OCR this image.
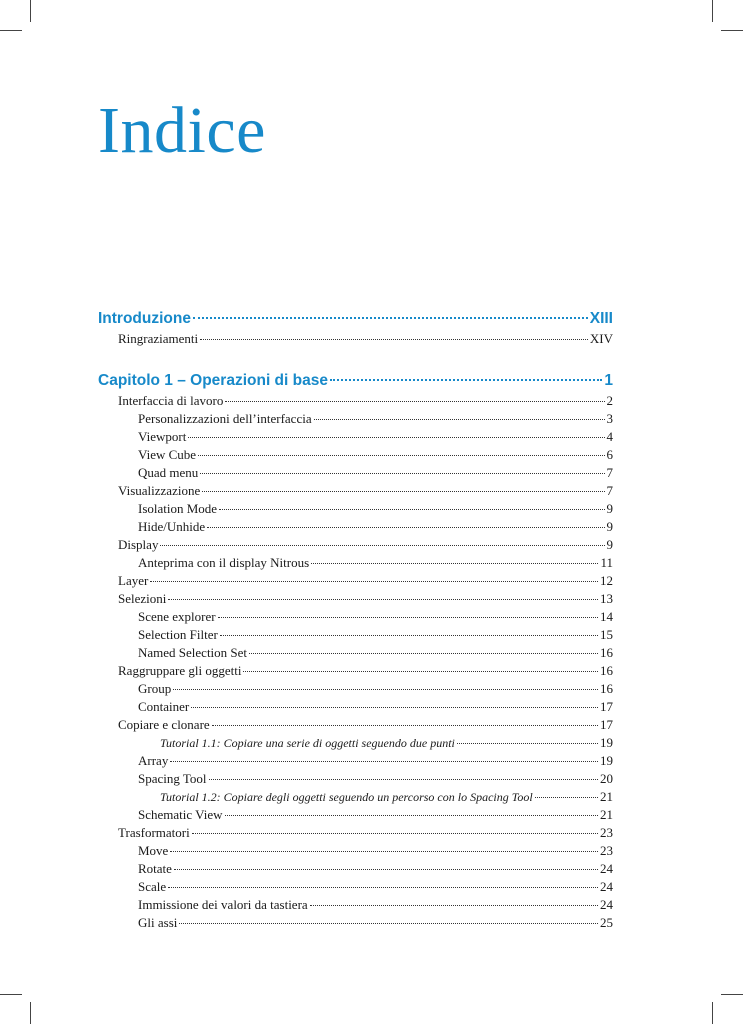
Indice
Introduzione	XIII
Ringraziamenti	XIV
Capitolo 1 – Operazioni di base	1
Interfaccia di lavoro	2
Personalizzazioni dell’interfaccia	3
Viewport	4
View Cube	6
Quad menu	7
Visualizzazione	7
Isolation Mode	9
Hide/Unhide	9
Display	9
Anteprima con il display Nitrous	11
Layer	12
Selezioni	13
Scene explorer	14
Selection Filter	15
Named Selection Set	16
Raggruppare gli oggetti	16
Group	16
Container	17
Copiare e clonare	17
Tutorial 1.1: Copiare una serie di oggetti seguendo due punti	19
Array	19
Spacing Tool	20
Tutorial 1.2: Copiare degli oggetti seguendo un percorso con lo Spacing Tool	21
Schematic View	21
Trasformatori	23
Move	23
Rotate	24
Scale	24
Immissione dei valori da tastiera	24
Gli assi	25
